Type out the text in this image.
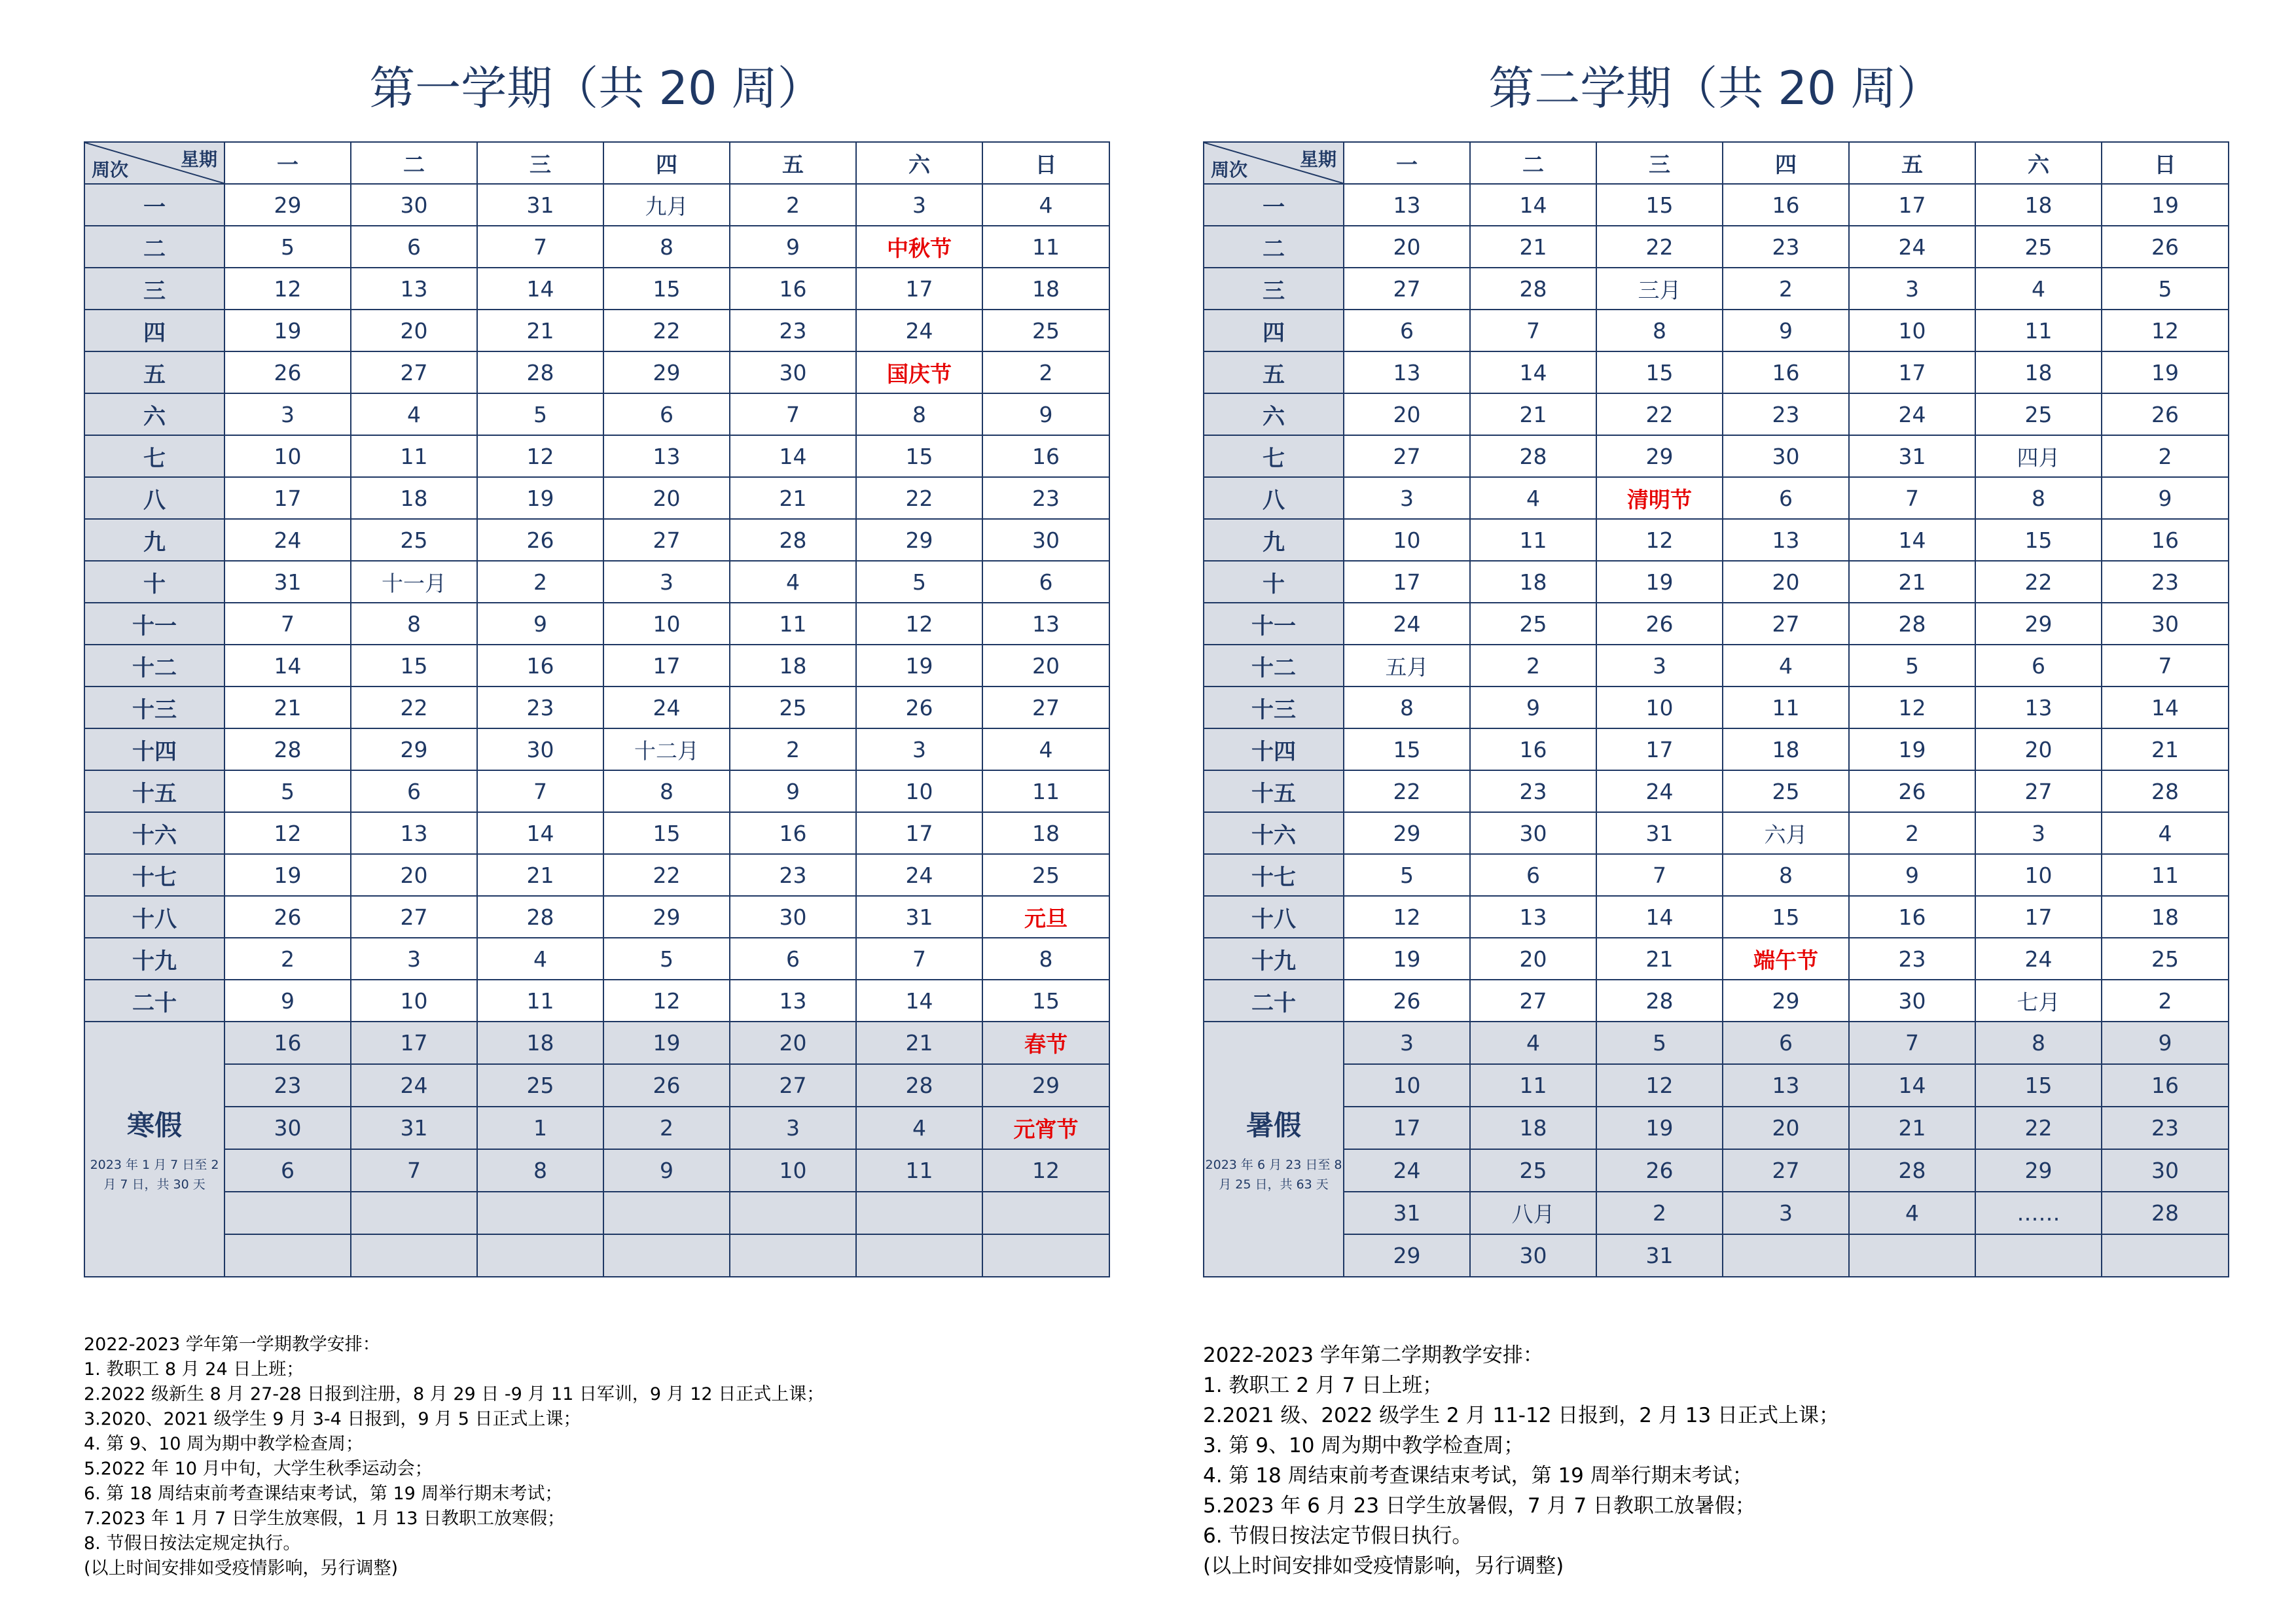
第一学期（共 20 周）
星期
周次	一	二	三	四	五	六	日
一	29	30	31	九月	2	3	4
二	5	6	7	8	9	中秋节	11
三	12	13	14	15	16	17	18
四	19	20	21	22	23	24	25
五	26	27	28	29	30	国庆节	2
六	3	4	5	6	7	8	9
七	10	11	12	13	14	15	16
八	17	18	19	20	21	22	23
九	24	25	26	27	28	29	30
十	31	十一月	2	3	4	5	6
十一	7	8	9	10	11	12	13
十二	14	15	16	17	18	19	20
十三	21	22	23	24	25	26	27
十四	28	29	30	十二月	2	3	4
十五	5	6	7	8	9	10	11
十六	12	13	14	15	16	17	18
十七	19	20	21	22	23	24	25
十八	26	27	28	29	30	31	元旦
十九	2	3	4	5	6	7	8
二十	9	10	11	12	13	14	15

寒假
2023 年 1 月 7 日至 2 月 7 日，共 30 天	16	17	18	19	20	21	春节
	23	24	25	26	27	28	29
	30	31	1	2	3	4	元宵节
	6	7	8	9	10	11	12

2022-2023 学年第一学期教学安排：
1. 教职工 8 月 24 日上班；
2.2022 级新生 8 月 27-28 日报到注册，8 月 29 日 -9 月 11 日军训，9 月 12 日正式上课；
3.2020、2021 级学生 9 月 3-4 日报到，9 月 5 日正式上课；
4. 第 9、10 周为期中教学检查周；
5.2022 年 10 月中旬，大学生秋季运动会；
6. 第 18 周结束前考查课结束考试，第 19 周举行期末考试；
7.2023 年 1 月 7 日学生放寒假，1 月 13 日教职工放寒假；
8. 节假日按法定规定执行。
(以上时间安排如受疫情影响，另行调整)
第二学期（共 20 周）
星期
周次	一	二	三	四	五	六	日
一	13	14	15	16	17	18	19
二	20	21	22	23	24	25	26
三	27	28	三月	2	3	4	5
四	6	7	8	9	10	11	12
五	13	14	15	16	17	18	19
六	20	21	22	23	24	25	26
七	27	28	29	30	31	四月	2
八	3	4	清明节	6	7	8	9
九	10	11	12	13	14	15	16
十	17	18	19	20	21	22	23
十一	24	25	26	27	28	29	30
十二	五月	2	3	4	5	6	7
十三	8	9	10	11	12	13	14
十四	15	16	17	18	19	20	21
十五	22	23	24	25	26	27	28
十六	29	30	31	六月	2	3	4
十七	5	6	7	8	9	10	11
十八	12	13	14	15	16	17	18
十九	19	20	21	端午节	23	24	25
二十	26	27	28	29	30	七月	2

暑假
2023 年 6 月 23 日至 8 月 25 日，共 63 天	3	4	5	6	7	8	9
	10	11	12	13	14	15	16
	17	18	19	20	21	22	23
	24	25	26	27	28	29	30
	31	八月	2	3	4	……	28
	29	30	31				
2022-2023 学年第二学期教学安排：
1. 教职工 2 月 7 日上班；
2.2021 级、2022 级学生 2 月 11-12 日报到，2 月 13 日正式上课；
3. 第 9、10 周为期中教学检查周；
4. 第 18 周结束前考查课结束考试，第 19 周举行期末考试；
5.2023 年 6 月 23 日学生放暑假，7 月 7 日教职工放暑假；
6. 节假日按法定节假日执行。
(以上时间安排如受疫情影响，另行调整)
